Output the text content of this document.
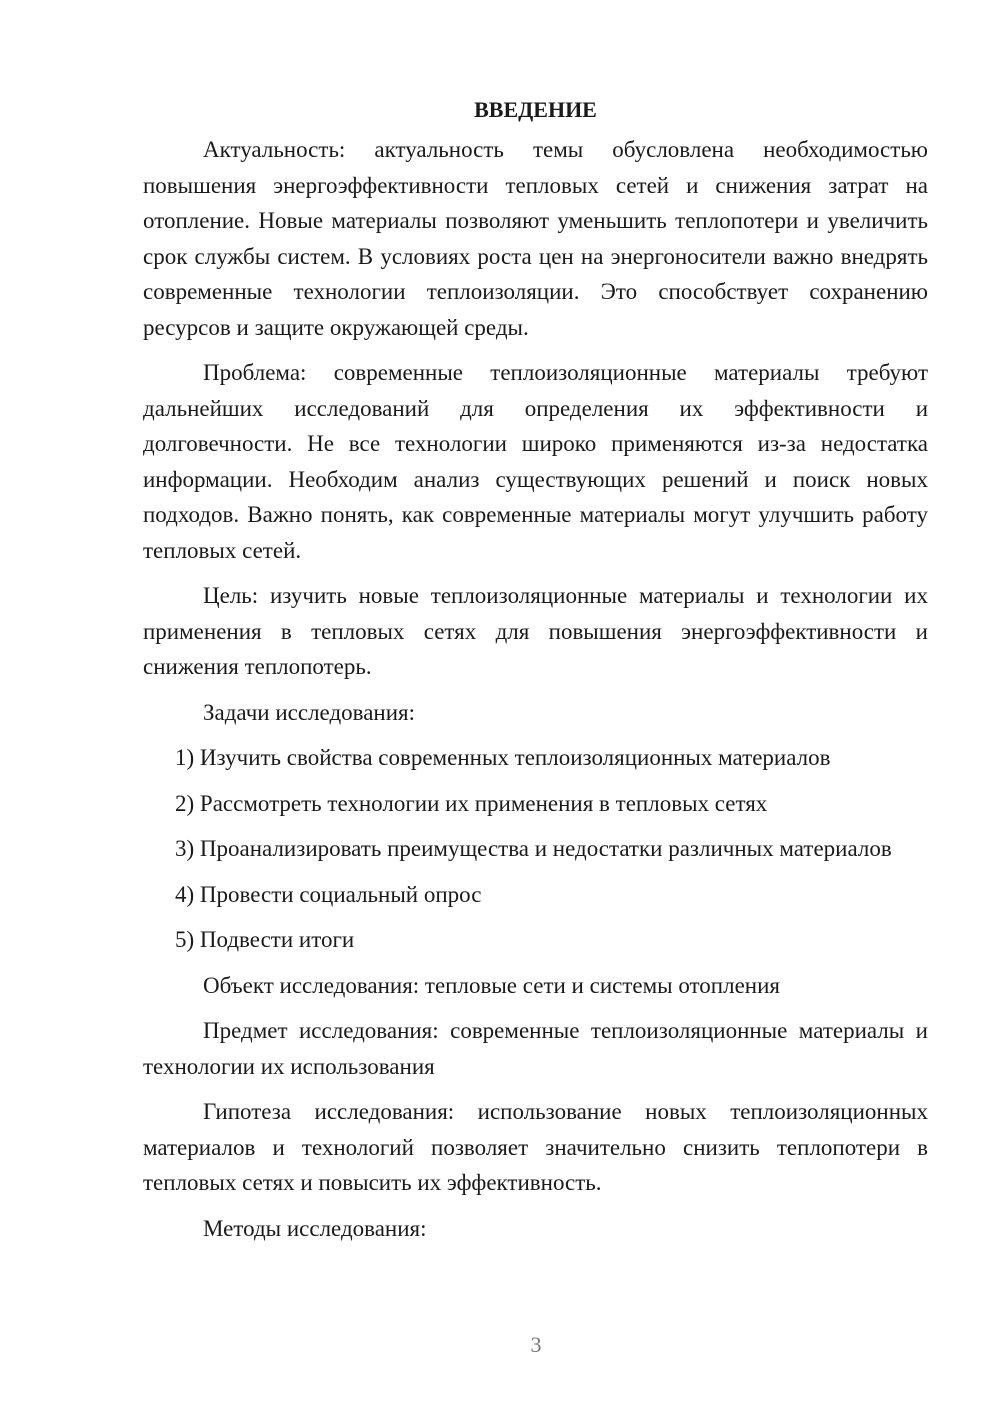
ВВЕДЕНИЕ

Актуальность: актуальность темы обусловлена необходимостью повышения энергоэффективности тепловых сетей и снижения затрат на отопление. Новые материалы позволяют уменьшить теплопотери и увеличить срок службы систем. В условиях роста цен на энергоносители важно внедрять современные технологии теплоизоляции. Это способствует сохранению ресурсов и защите окружающей среды.

Проблема: современные теплоизоляционные материалы требуют дальнейших исследований для определения их эффективности и долговечности. Не все технологии широко применяются из-за недостатка информации. Необходим анализ существующих решений и поиск новых подходов. Важно понять, как современные материалы могут улучшить работу тепловых сетей.

Цель: изучить новые теплоизоляционные материалы и технологии их применения в тепловых сетях для повышения энергоэффективности и снижения теплопотерь.

Задачи исследования:

1) Изучить свойства современных теплоизоляционных материалов

2) Рассмотреть технологии их применения в тепловых сетях

3) Проанализировать преимущества и недостатки различных материалов

4) Провести социальный опрос

5) Подвести итоги

Объект исследования: тепловые сети и системы отопления

Предмет исследования: современные теплоизоляционные материалы и технологии их использования

Гипотеза исследования: использование новых теплоизоляционных материалов и технологий позволяет значительно снизить теплопотери в тепловых сетях и повысить их эффективность.

Методы исследования:

3
